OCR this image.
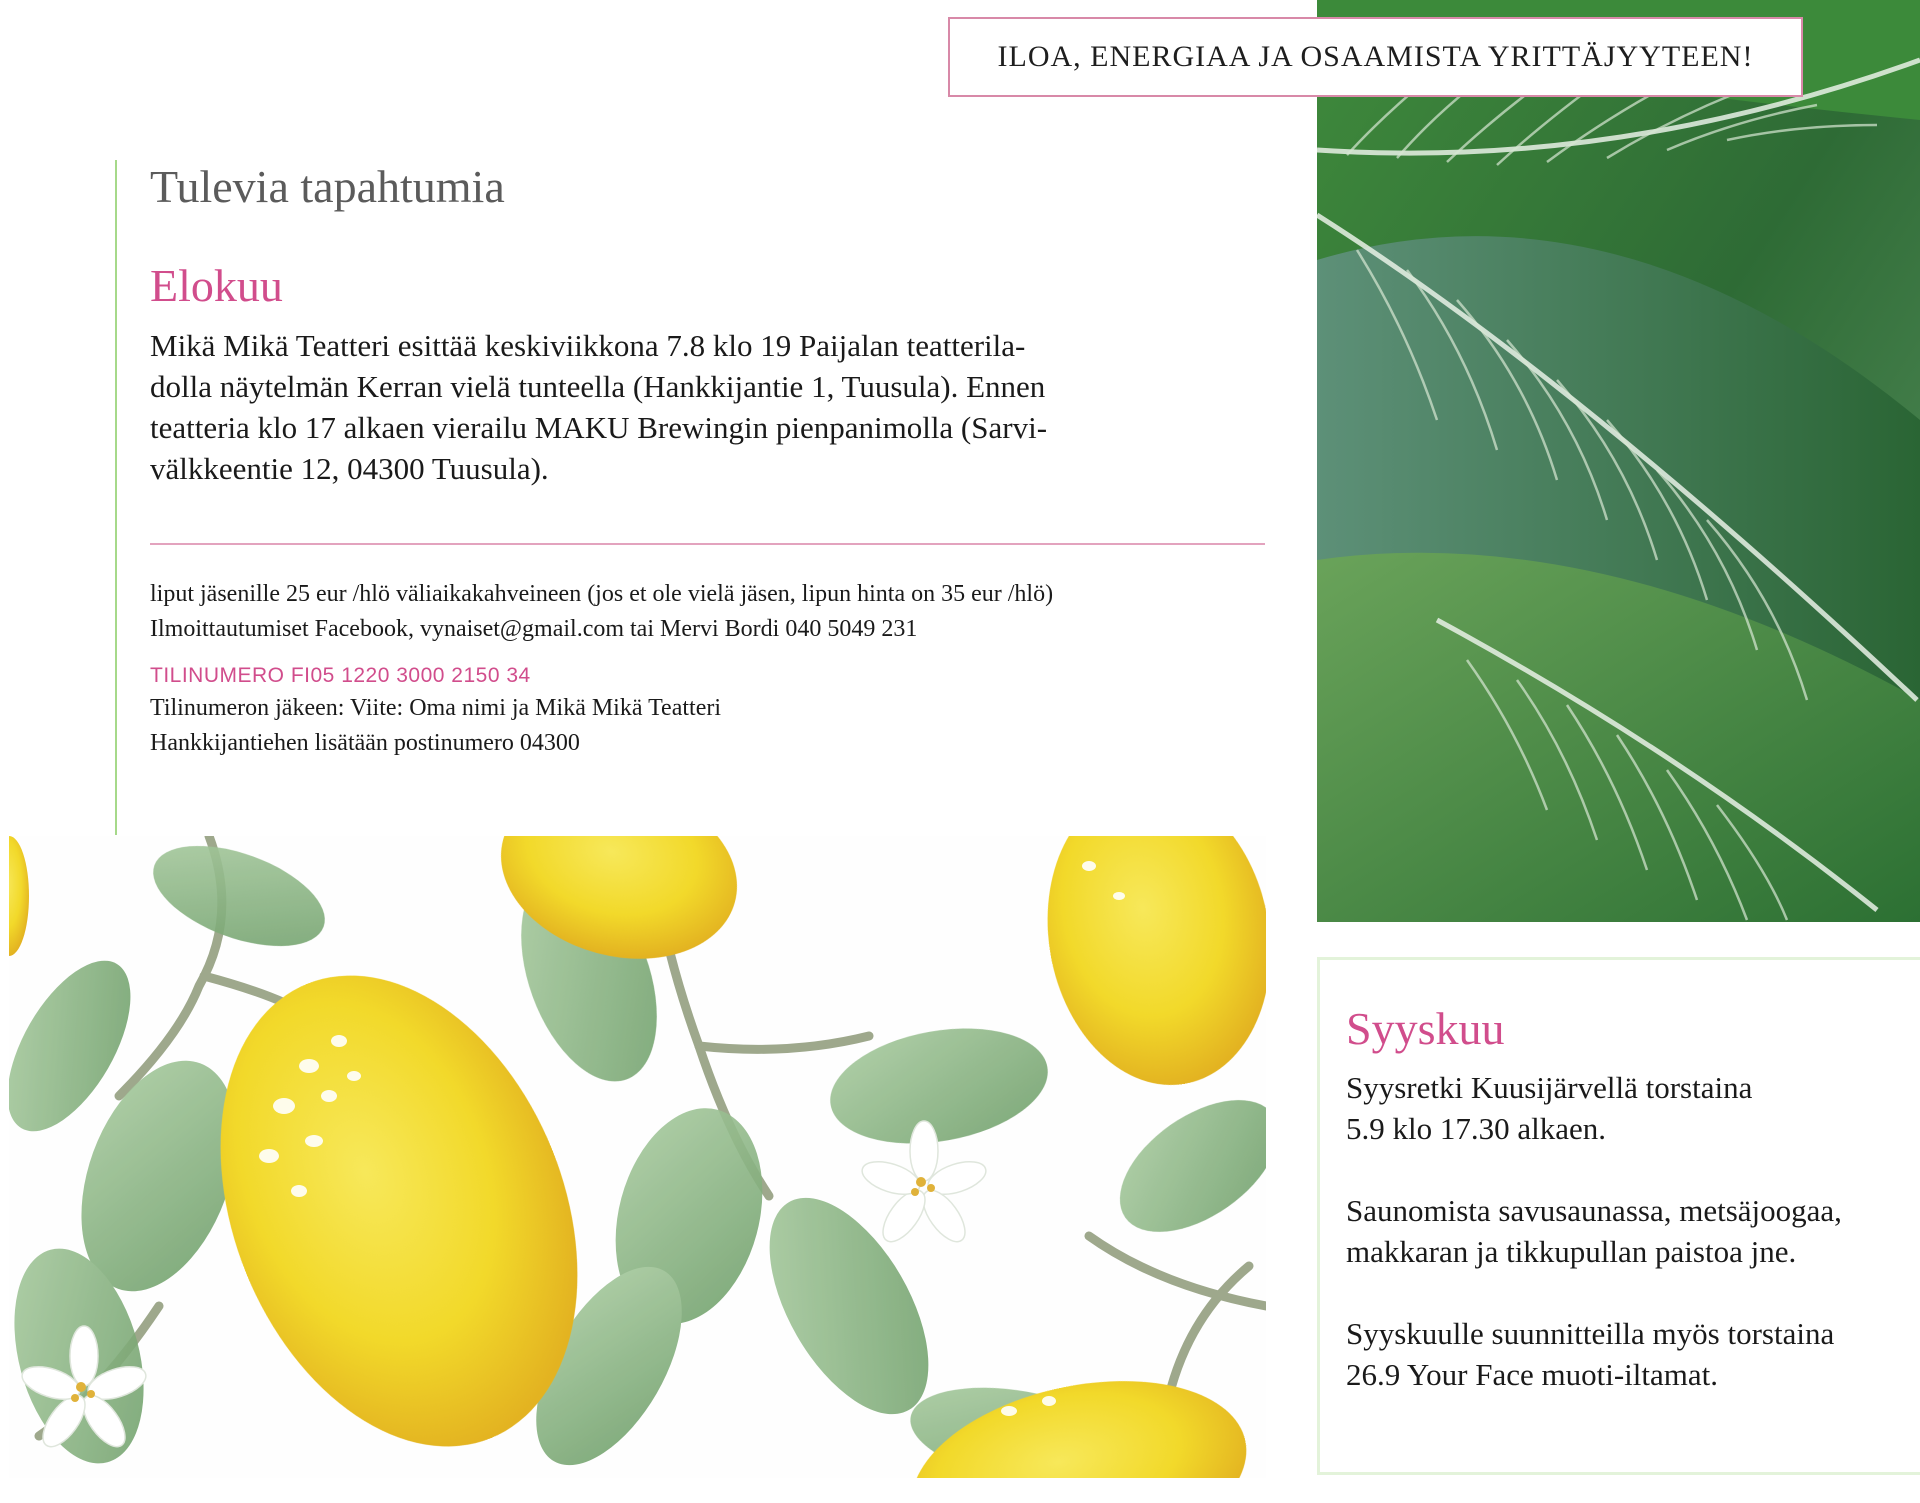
ILOA, ENERGIAA JA OSAAMISTA YRITTÄJYYTEEN!
Tulevia tapahtumia
Elokuu

Mikä Mikä Teatteri esittää keskiviikkona 7.8 klo 19 Paijalan teatterila-
dolla näytelmän Kerran vielä tunteella (Hankkijantie 1, Tuusula). Ennen
teatteria klo 17 alkaen vierailu MAKU Brewingin pienpanimolla (Sarvi-
välkkeentie 12, 04300 Tuusula).

liput jäsenille 25 eur /hlö väliaikakahveineen (jos et ole vielä jäsen, lipun hinta on 35 eur /hlö)

Ilmoittautumiset Facebook, vynaiset@gmail.com tai Mervi Bordi 040 5049 231

TILINUMERO FI05 1220 3000 2150 34

Tilinumeron jäkeen: Viite: Oma nimi ja Mikä Mikä Teatteri

Hankkijantiehen lisätään postinumero 04300

Syyskuu

Syysretki Kuusijärvellä torstaina
5.9 klo 17.30 alkaen.

Saunomista savusaunassa, metsäjoogaa,
makkaran ja tikkupullan paistoa jne.

Syyskuulle suunnitteilla myös torstaina
26.9 Your Face muoti-iltamat.
